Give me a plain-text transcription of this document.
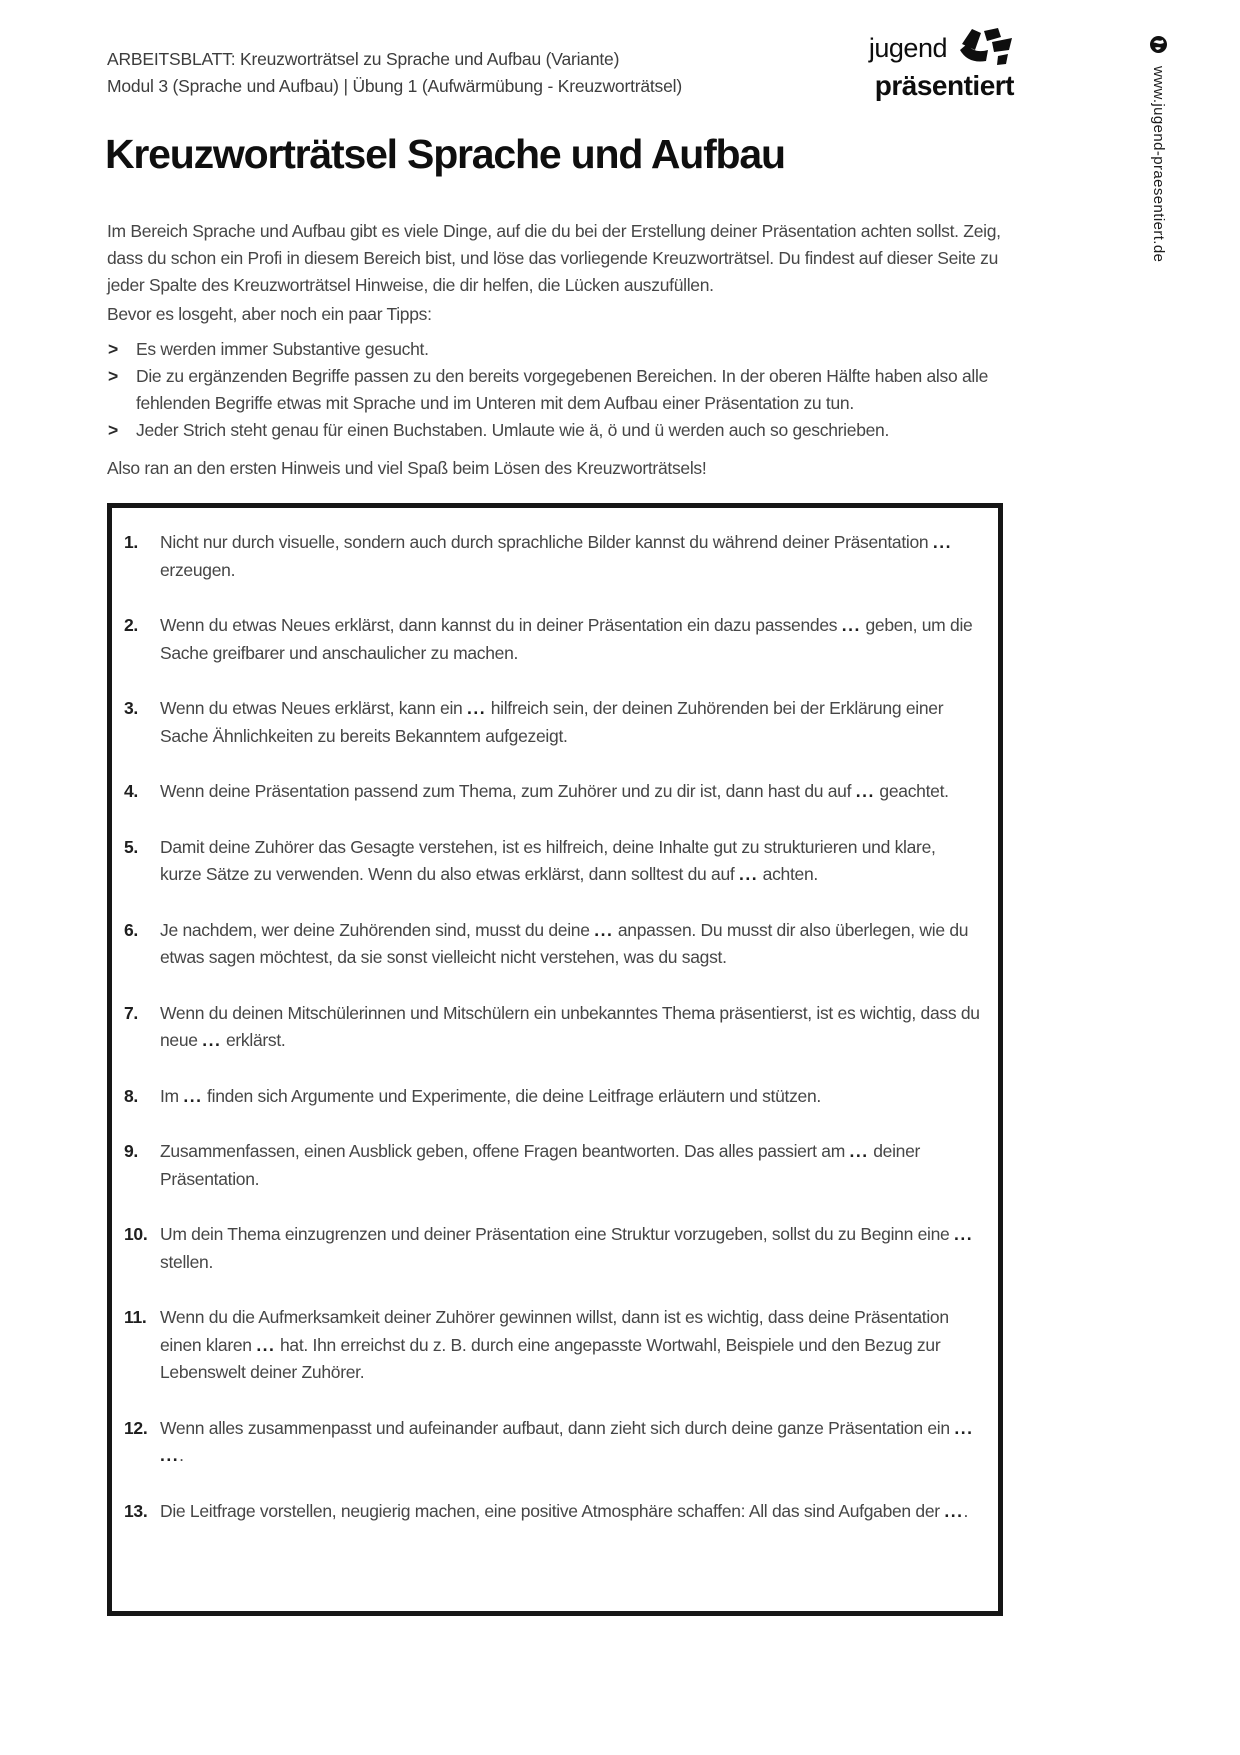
ARBEITSBLATT: Kreuzworträtsel zu Sprache und Aufbau (Variante)
Modul 3 (Sprache und Aufbau) | Übung 1 (Aufwärmübung - Kreuzworträtsel)
jugend
präsentiert	www.jugend-praesentiert.de
Kreuzworträtsel Sprache und Aufbau

Im Bereich Sprache und Aufbau gibt es viele Dinge, auf die du bei der Erstellung deiner Präsentation achten sollst. Zeig, dass du schon ein Profi in diesem Bereich bist, und löse das vorliegende Kreuzworträtsel. Du findest auf dieser Seite zu jeder Spalte des Kreuzworträtsel Hinweise, die dir helfen, die Lücken auszufüllen.

Bevor es losgeht, aber noch ein paar Tipps:

> Es werden immer Substantive gesucht.
> Die zu ergänzenden Begriffe passen zu den bereits vorgegebenen Bereichen. In der oberen Hälfte haben also alle fehlenden Begriffe etwas mit Sprache und im Unteren mit dem Aufbau einer Präsentation zu tun.
> Jeder Strich steht genau für einen Buchstaben. Umlaute wie ä, ö und ü werden auch so geschrieben.

Also ran an den ersten Hinweis und viel Spaß beim Lösen des Kreuzworträtsels!

1.	Nicht nur durch visuelle, sondern auch durch sprachliche Bilder kannst du während deiner Präsentation ... erzeugen.
2.	Wenn du etwas Neues erklärst, dann kannst du in deiner Präsentation ein dazu passendes ... geben, um die Sache greifbarer und anschaulicher zu machen.
3.	Wenn du etwas Neues erklärst, kann ein ... hilfreich sein, der deinen Zuhörenden bei der Erklärung einer Sache Ähnlichkeiten zu bereits Bekanntem aufgezeigt.
4.	Wenn deine Präsentation passend zum Thema, zum Zuhörer und zu dir ist, dann hast du auf ... geachtet.
5.	Damit deine Zuhörer das Gesagte verstehen, ist es hilfreich, deine Inhalte gut zu strukturieren und klare, kurze Sätze zu verwenden. Wenn du also etwas erklärst, dann solltest du auf ... achten.
6.	Je nachdem, wer deine Zuhörenden sind, musst du deine ... anpassen. Du musst dir also überlegen, wie du etwas sagen möchtest, da sie sonst vielleicht nicht verstehen, was du sagst.
7.	Wenn du deinen Mitschülerinnen und Mitschülern ein unbekanntes Thema präsentierst, ist es wichtig, dass du neue ... erklärst.
8.	Im ... finden sich Argumente und Experimente, die deine Leitfrage erläutern und stützen.
9.	Zusammenfassen, einen Ausblick geben, offene Fragen beantworten. Das alles passiert am ... deiner Präsentation.
10. Um dein Thema einzugrenzen und deiner Präsentation eine Struktur vorzugeben, sollst du zu Beginn eine ... stellen.
11. Wenn du die Aufmerksamkeit deiner Zuhörer gewinnen willst, dann ist es wichtig, dass deine Präsentation einen klaren ... hat. Ihn erreichst du z. B. durch eine angepasste Wortwahl, Beispiele und den Bezug zur Lebenswelt deiner Zuhörer.
12. Wenn alles zusammenpasst und aufeinander aufbaut, dann zieht sich durch deine ganze Präsentation ein ... ....
13. Die Leitfrage vorstellen, neugierig machen, eine positive Atmosphäre schaffen: All das sind Aufgaben der ....
